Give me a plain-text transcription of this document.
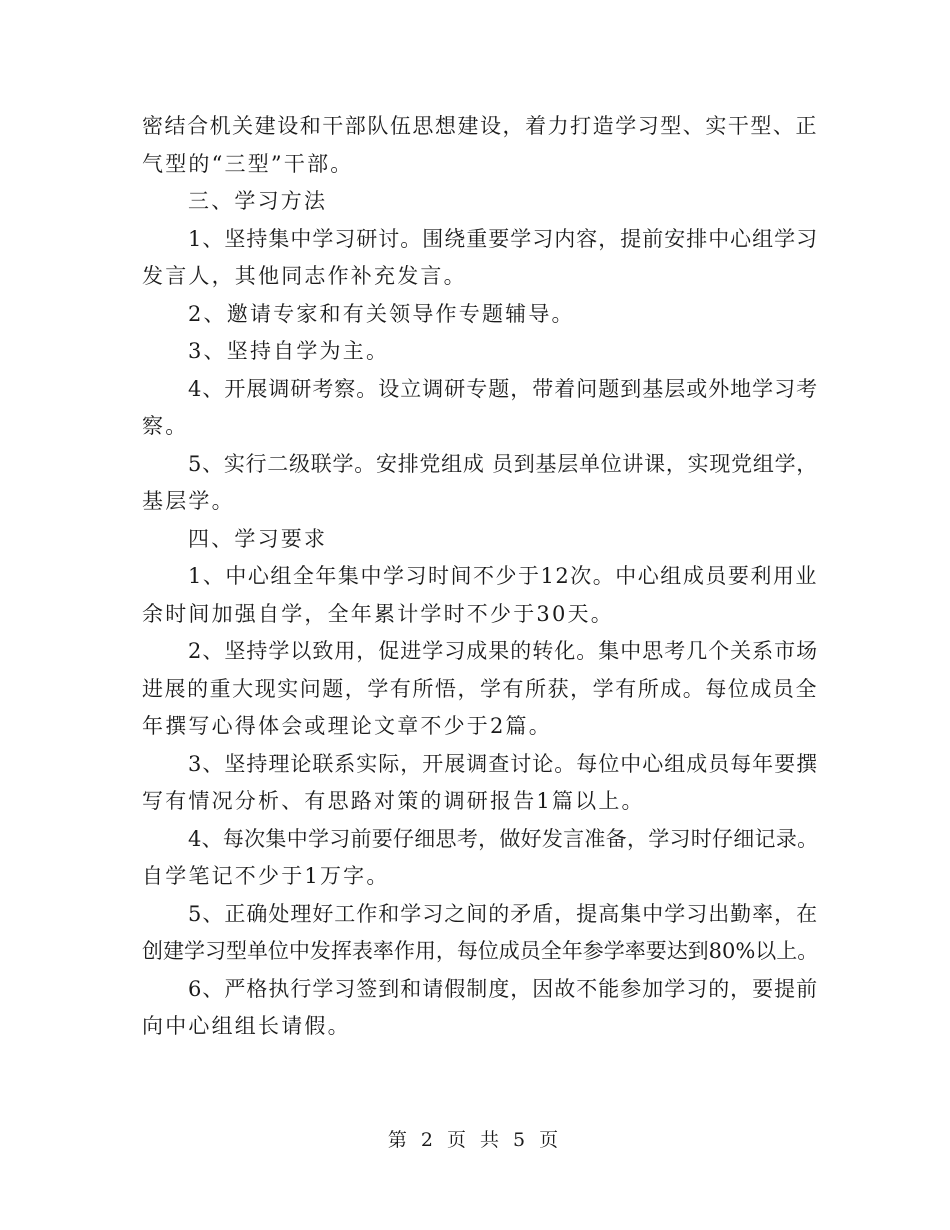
密结合机关建设和干部队伍思想建设，着力打造学习型、实干型、正
气型的“三型”干部。
三、学习方法
1、坚持集中学习研讨。围绕重要学习内容，提前安排中心组学习
发言人，其他同志作补充发言。
2、邀请专家和有关领导作专题辅导。
3、坚持自学为主。
4、开展调研考察。设立调研专题，带着问题到基层或外地学习考
察。
5、实行二级联学。安排党组成 员到基层单位讲课，实现党组学，
基层学。
四、学习要求
1、中心组全年集中学习时间不少于12次。中心组成员要利用业
余时间加强自学，全年累计学时不少于30天。
2、坚持学以致用，促进学习成果的转化。集中思考几个关系市场
进展的重大现实问题，学有所悟，学有所获，学有所成。每位成员全
年撰写心得体会或理论文章不少于2篇。
3、坚持理论联系实际，开展调查讨论。每位中心组成员每年要撰
写有情况分析、有思路对策的调研报告1篇以上。
4、每次集中学习前要仔细思考，做好发言准备，学习时仔细记录。
自学笔记不少于1万字。
5、正确处理好工作和学习之间的矛盾，提高集中学习出勤率，在
创建学习型单位中发挥表率作用，每位成员全年参学率要达到80%以上。
6、严格执行学习签到和请假制度，因故不能参加学习的，要提前
向中心组组长请假。
第 2 页 共 5 页
